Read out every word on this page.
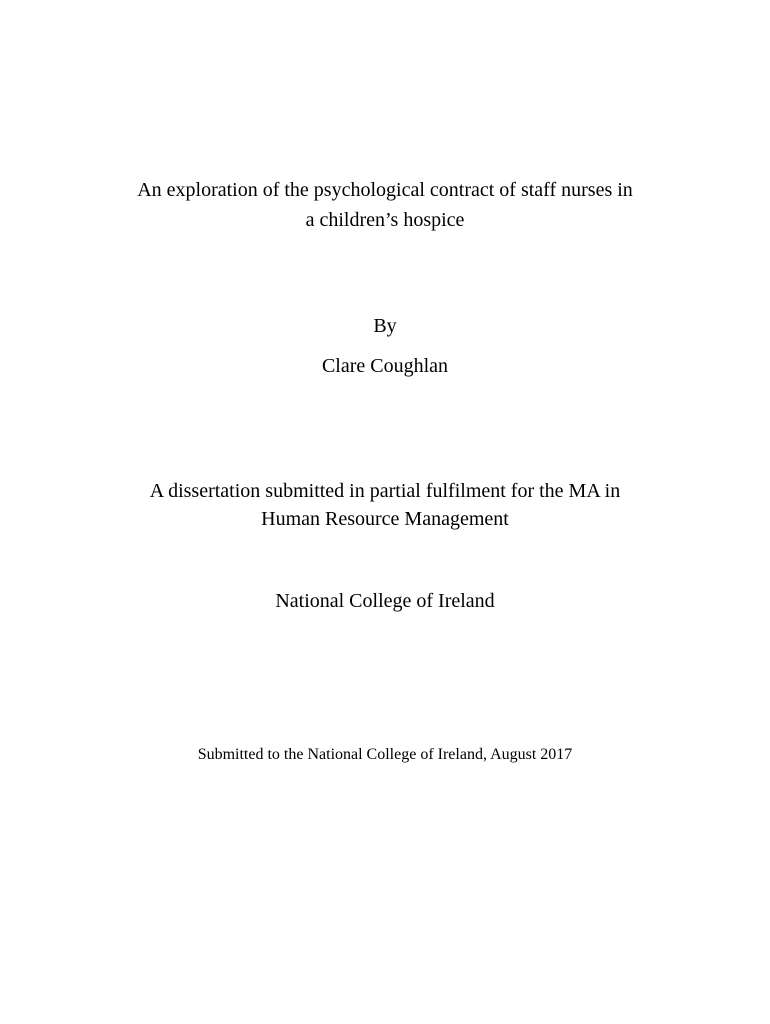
An exploration of the psychological contract of staff nurses in
a children’s hospice
By
Clare Coughlan
A dissertation submitted in partial fulfilment for the MA in
Human Resource Management
National College of Ireland
Submitted to the National College of Ireland, August 2017
